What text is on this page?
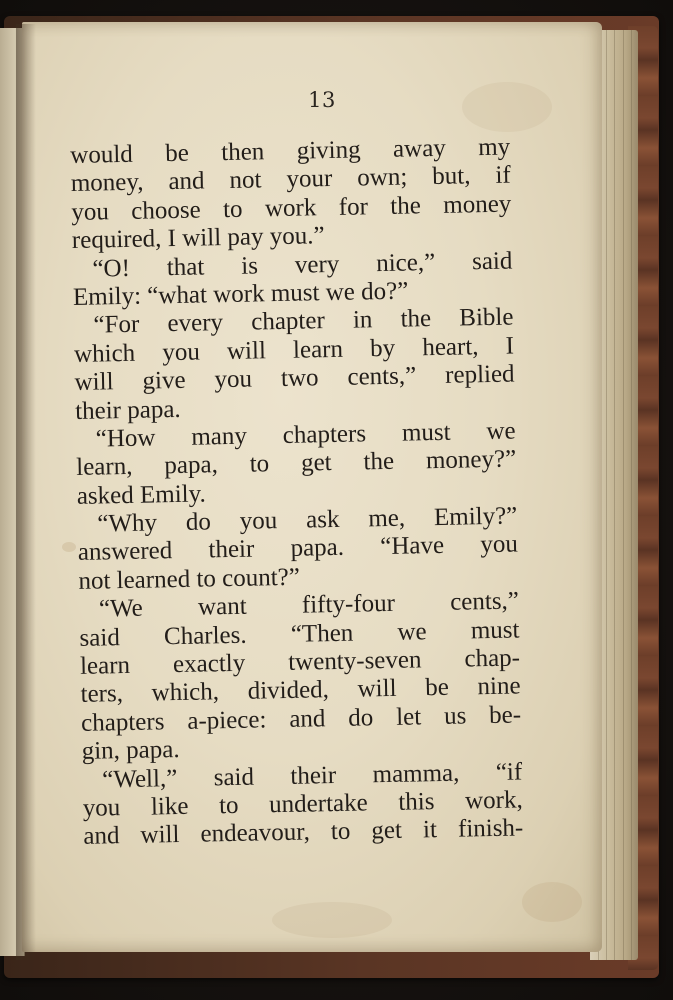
13
would be then giving away my
money, and not your own; but, if
you choose to work for the money
required, I will pay you.”
“O! that is very nice,” said
Emily: “what work must we do?”
“For every chapter in the Bible
which you will learn by heart, I
will give you two cents,” replied
their papa.
“How many chapters must we
learn, papa, to get the money?”
asked Emily.
“Why do you ask me, Emily?”
answered their papa. “Have you
not learned to count?”
“We want fifty-four cents,”
said Charles. “Then we must
learn exactly twenty-seven chap-
ters, which, divided, will be nine
chapters a-piece: and do let us be-
gin, papa.
“Well,” said their mamma, “if
you like to undertake this work,
and will endeavour, to get it finish-
